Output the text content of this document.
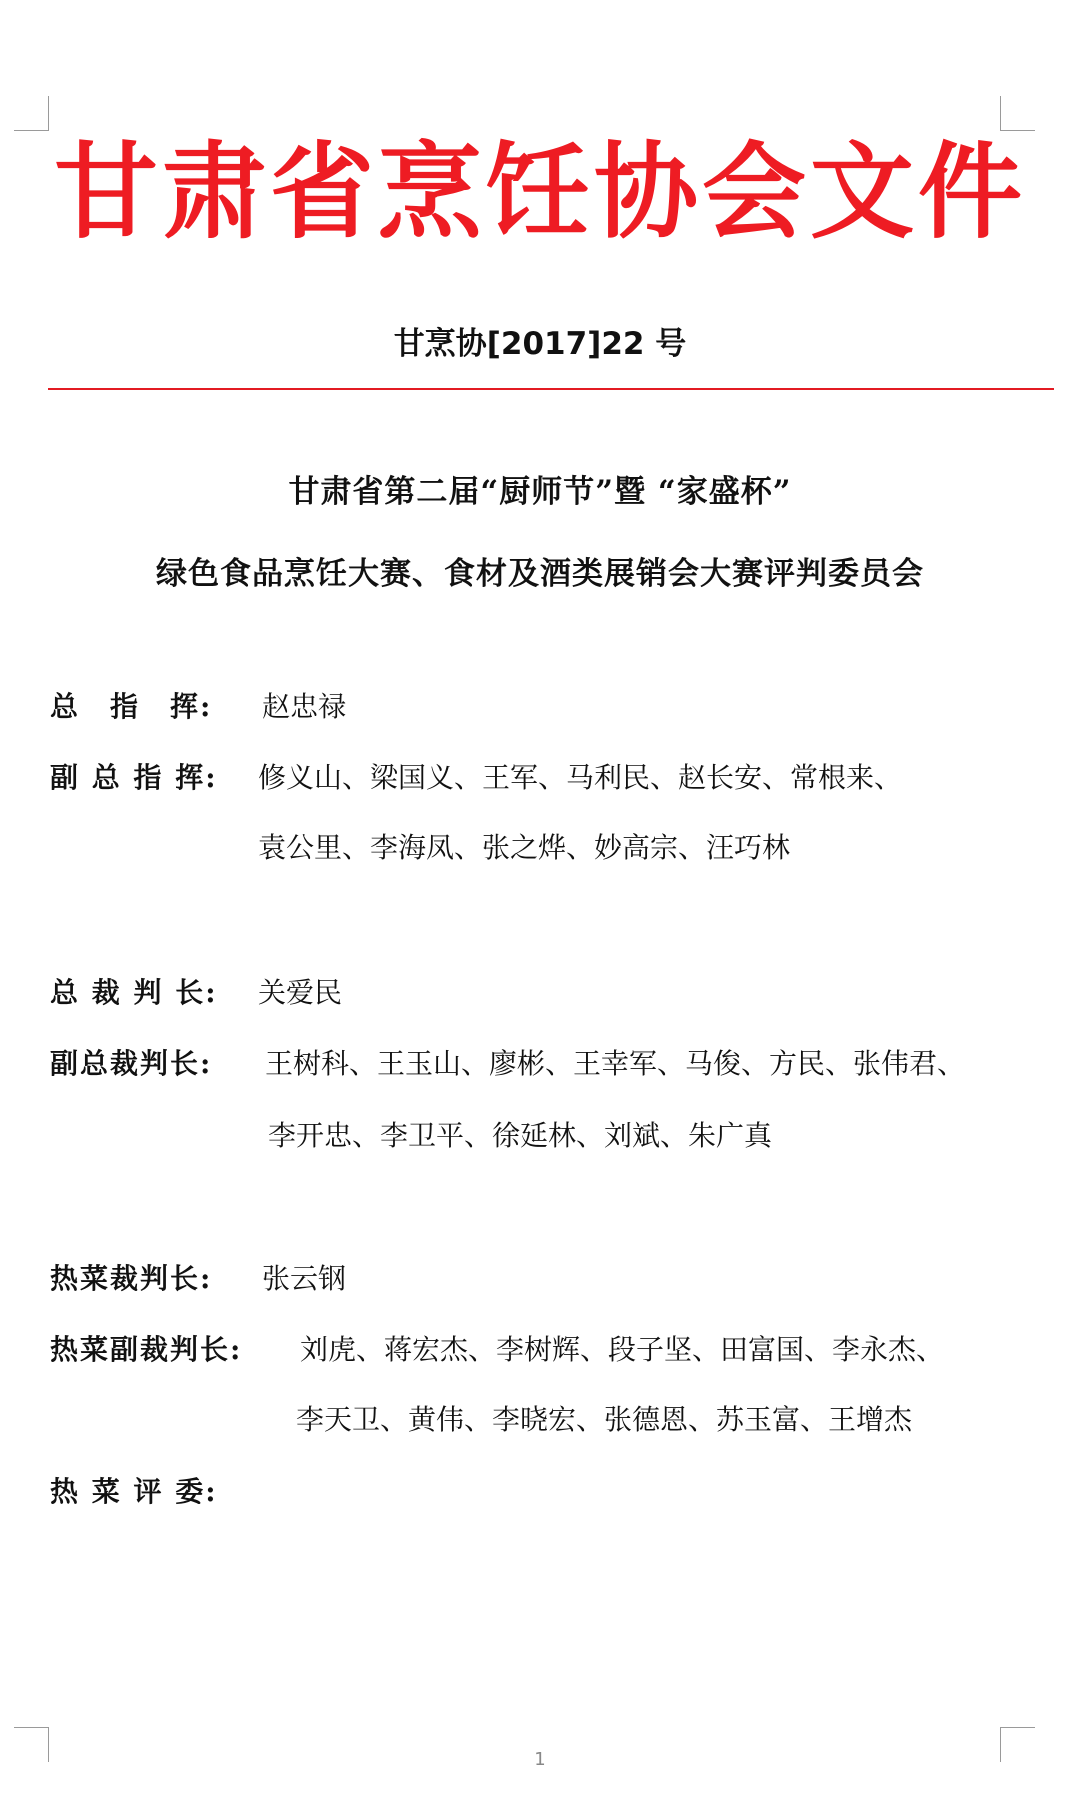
甘肃省烹饪协会文件
甘烹协[2017]22 号
甘肃省第二届“厨师节”暨 “家盛杯”
绿色食品烹饪大赛、食材及酒类展销会大赛评判委员会
总　指　挥: 赵忠禄
副 总 指 挥: 修义山、梁国义、王军、马利民、赵长安、常根来、
袁公里、李海凤、张之烨、妙高宗、汪巧林
总 裁 判 长: 关爱民
副总裁判长: 王树科、王玉山、廖彬、王幸军、马俊、方民、张伟君、
李开忠、李卫平、徐延林、刘斌、朱广真
热菜裁判长: 张云钢
热菜副裁判长: 刘虎、蒋宏杰、李树辉、段子坚、田富国、李永杰、
李天卫、黄伟、李晓宏、张德恩、苏玉富、王增杰
热 菜 评 委:
1
